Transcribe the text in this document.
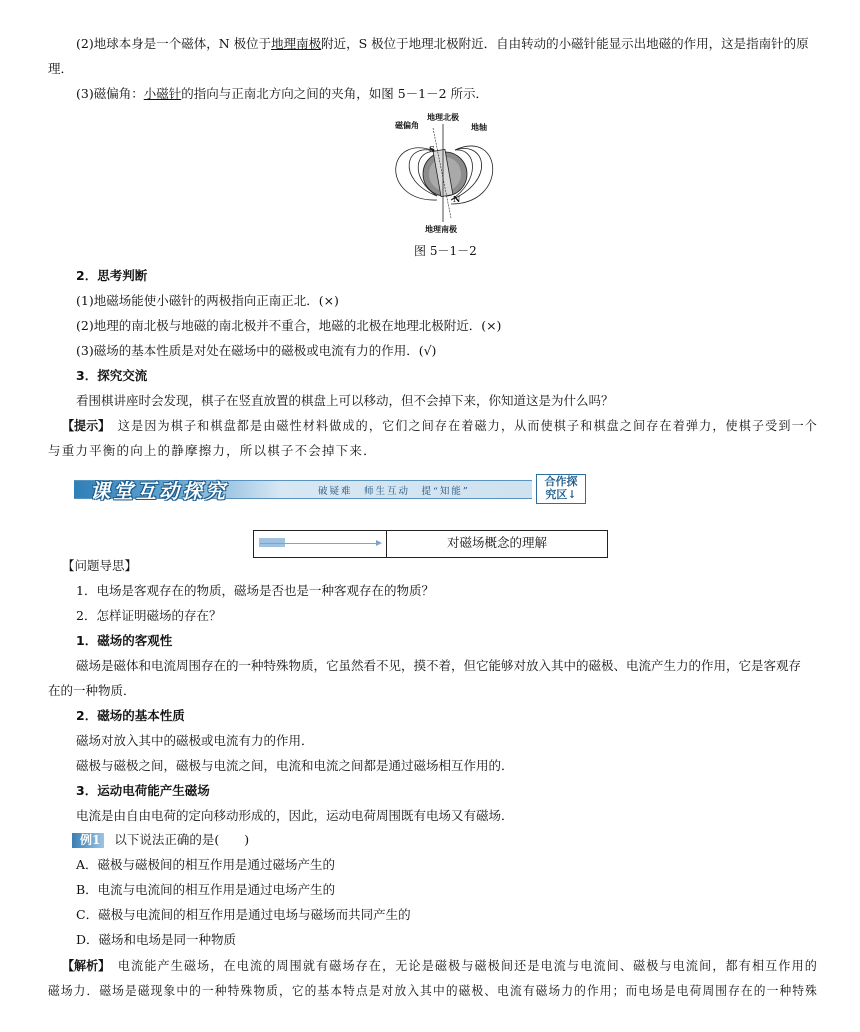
(2)地球本身是一个磁体，N 极位于地理南极附近，S 极位于地理北极附近．自由转动的小磁针能显示出地磁的作用，这是指南针的原
理．
(3)磁偏角：小磁针的指向与正南北方向之间的夹角，如图 5－1－2 所示．
磁偏角
地理北极
地轴
S
N
地理南极
图 5－1－2
2．思考判断
(1)地磁场能使小磁针的两极指向正南正北．(×)
(2)地理的南北极与地磁的南北极并不重合，地磁的北极在地理北极附近．(×)
(3)磁场的基本性质是对处在磁场中的磁极或电流有力的作用．(√)
3．探究交流
看围棋讲座时会发现，棋子在竖直放置的棋盘上可以移动，但不会掉下来，你知道这是为什么吗？
【提示】 这是因为棋子和棋盘都是由磁性材料做成的，它们之间存在着磁力，从而使棋子和棋盘之间存在着弹力，使棋子受到一个
与重力平衡的向上的静摩擦力，所以棋子不会掉下来．
课堂互动探究	破疑难　师生互动　提“知能”
合作探
究区↓
对磁场概念的理解
【问题导思】
1．电场是客观存在的物质，磁场是否也是一种客观存在的物质？
2．怎样证明磁场的存在？
1．磁场的客观性
磁场是磁体和电流周围存在的一种特殊物质，它虽然看不见，摸不着，但它能够对放入其中的磁极、电流产生力的作用，它是客观存
在的一种物质．
2．磁场的基本性质
磁场对放入其中的磁极或电流有力的作用．
磁极与磁极之间，磁极与电流之间，电流和电流之间都是通过磁场相互作用的．
3．运动电荷能产生磁场
电流是由自由电荷的定向移动形成的，因此，运动电荷周围既有电场又有磁场．
例1 以下说法正确的是(　　)
A．磁极与磁极间的相互作用是通过磁场产生的
B．电流与电流间的相互作用是通过电场产生的
C．磁极与电流间的相互作用是通过电场与磁场而共同产生的
D．磁场和电场是同一种物质
【解析】 电流能产生磁场，在电流的周围就有磁场存在，无论是磁极与磁极间还是电流与电流间、磁极与电流间，都有相互作用的
磁场力．磁场是磁现象中的一种特殊物质，它的基本特点是对放入其中的磁极、电流有磁场力的作用；而电场是电荷周围存在的一种特殊
